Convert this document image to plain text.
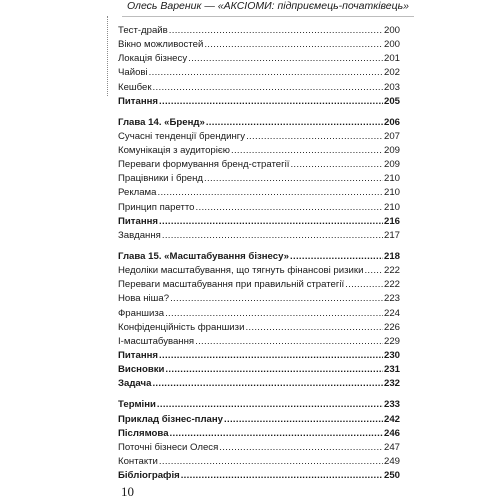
Олесь Вареник — «АКСІОМИ: підприємець-початківець»
Тест-драйв .....	200
Вікно можливостей .....	200
Локація бізнесу .....	201
Чайові .....	202
Кешбек .....	203
Питання .....	205
Глава 14. «Бренд» .....	206
Сучасні тенденції брендингу .....	207
Комунікація з аудиторією .....	209
Переваги формування бренд-стратегії .....	209
Працівники і бренд .....	210
Реклама .....	210
Принцип паретто .....	210
Питання .....	216
Завдання .....	217
Глава 15. «Масштабування бізнесу» .....	218
Недоліки масштабування, що тягнуть фінансові ризики ..... 222
Переваги масштабування при правильній стратегії .....	222
Нова ніша? .....	223
Франшиза .....	224
Конфіденційність франшизи .....	226
І-масштабування .....	229
Питання .....	230
Висновки .....	231
Задача .....	232
Терміни .....	233
Приклад бізнес-плану .....	242
Післямова .....	246
Поточні бізнеси Олеся .....	247
Контакти .....	249
Бібліографія .....	250
10
